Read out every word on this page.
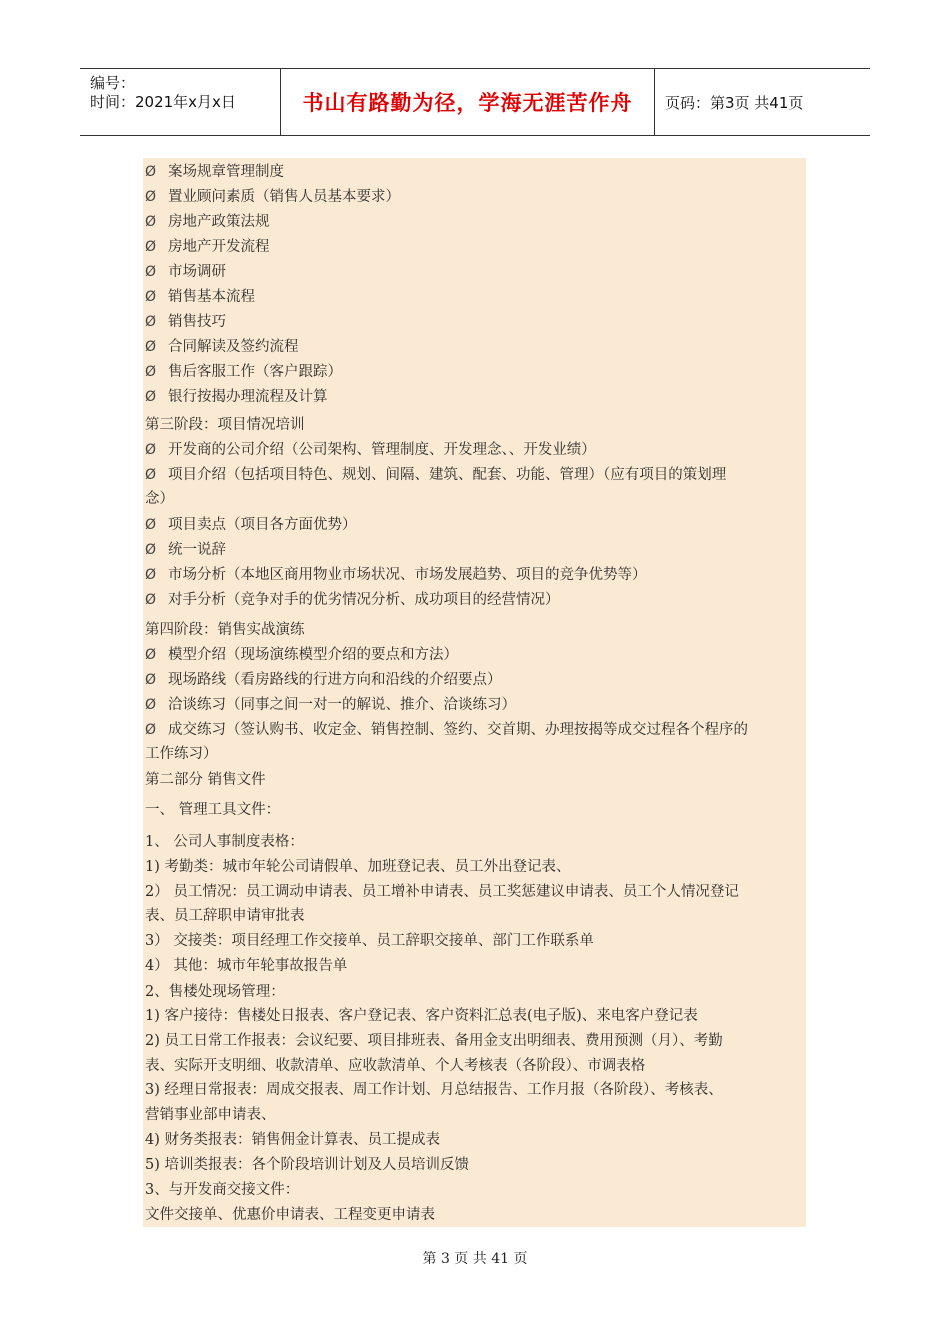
编号：
时间：2021年x月x日	书山有路勤为径，学海无涯苦作舟	页码：第3页 共41页
Ø 案场规章管理制度
Ø 置业顾问素质（销售人员基本要求）
Ø 房地产政策法规
Ø 房地产开发流程
Ø 市场调研
Ø 销售基本流程
Ø 销售技巧
Ø 合同解读及签约流程
Ø 售后客服工作（客户跟踪）
Ø 银行按揭办理流程及计算
第三阶段：项目情况培训
Ø 开发商的公司介绍（公司架构、管理制度、开发理念、、开发业绩）
Ø 项目介绍（包括项目特色、规划、间隔、建筑、配套、功能、管理）（应有项目的策划理
念）
Ø 项目卖点（项目各方面优势）
Ø 统一说辞
Ø 市场分析（本地区商用物业市场状况、市场发展趋势、项目的竞争优势等）
Ø 对手分析（竞争对手的优劣情况分析、成功项目的经营情况）
第四阶段：销售实战演练
Ø 模型介绍（现场演练模型介绍的要点和方法）
Ø 现场路线（看房路线的行进方向和沿线的介绍要点）
Ø 洽谈练习（同事之间一对一的解说、推介、洽谈练习）
Ø 成交练习（签认购书、收定金、销售控制、签约、交首期、办理按揭等成交过程各个程序的
工作练习）
第二部分 销售文件
一、 管理工具文件：
1、 公司人事制度表格：
1) 考勤类：城市年轮公司请假单、加班登记表、员工外出登记表、
2） 员工情况：员工调动申请表、员工增补申请表、员工奖惩建议申请表、员工个人情况登记
表、员工辞职申请审批表
3） 交接类：项目经理工作交接单、员工辞职交接单、部门工作联系单
4） 其他：城市年轮事故报告单
2、售楼处现场管理：
1) 客户接待：售楼处日报表、客户登记表、客户资料汇总表(电子版)、来电客户登记表
2) 员工日常工作报表：会议纪要、项目排班表、备用金支出明细表、费用预测（月）、考勤
表、实际开支明细、收款清单、应收款清单、个人考核表（各阶段）、市调表格
3) 经理日常报表：周成交报表、周工作计划、月总结报告、工作月报（各阶段）、考核表、
营销事业部申请表、
4) 财务类报表：销售佣金计算表、员工提成表
5) 培训类报表：各个阶段培训计划及人员培训反馈
3、与开发商交接文件：
文件交接单、优惠价申请表、工程变更申请表
第 3 页 共 41 页
